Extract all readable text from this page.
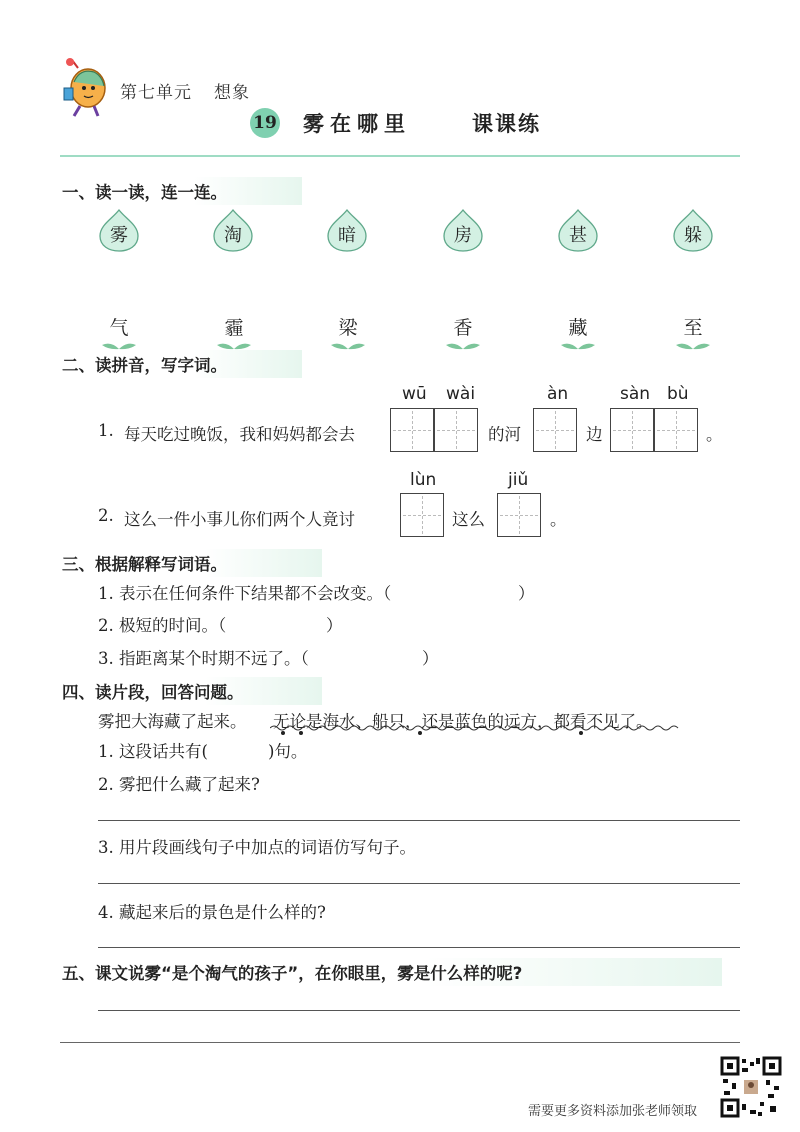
第七单元 想象
19 雾在哪里	课课练
一、读一读，连一连。
雾	淘	暗	房	甚	躲
气	霾	梁	香	藏	至
二、读拼音，写字词。
wū wài	àn	sàn bù
1. 每天吃过晚饭，我和妈妈都会去	的河	边	。
lùn	jiǔ
2. 这么一件小事儿你们两个人竟讨	这么	。
三、根据解释写词语。
1. 表示在任何条件下结果都不会改变。（	）
2. 极短的时间。（	）
3. 指距离某个时期不远了。（	）
四、读片段，回答问题。
雾把大海藏了起来。 无论是海水、船只，还是蓝色的远方，都看不见了。
1. 这段话共有(	)句。
2. 雾把什么藏了起来?
3. 用片段画线句子中加点的词语仿写句子。
4. 藏起来后的景色是什么样的?
五、课文说雾“是个淘气的孩子”，在你眼里，雾是什么样的呢?
需要更多资料添加张老师领取
